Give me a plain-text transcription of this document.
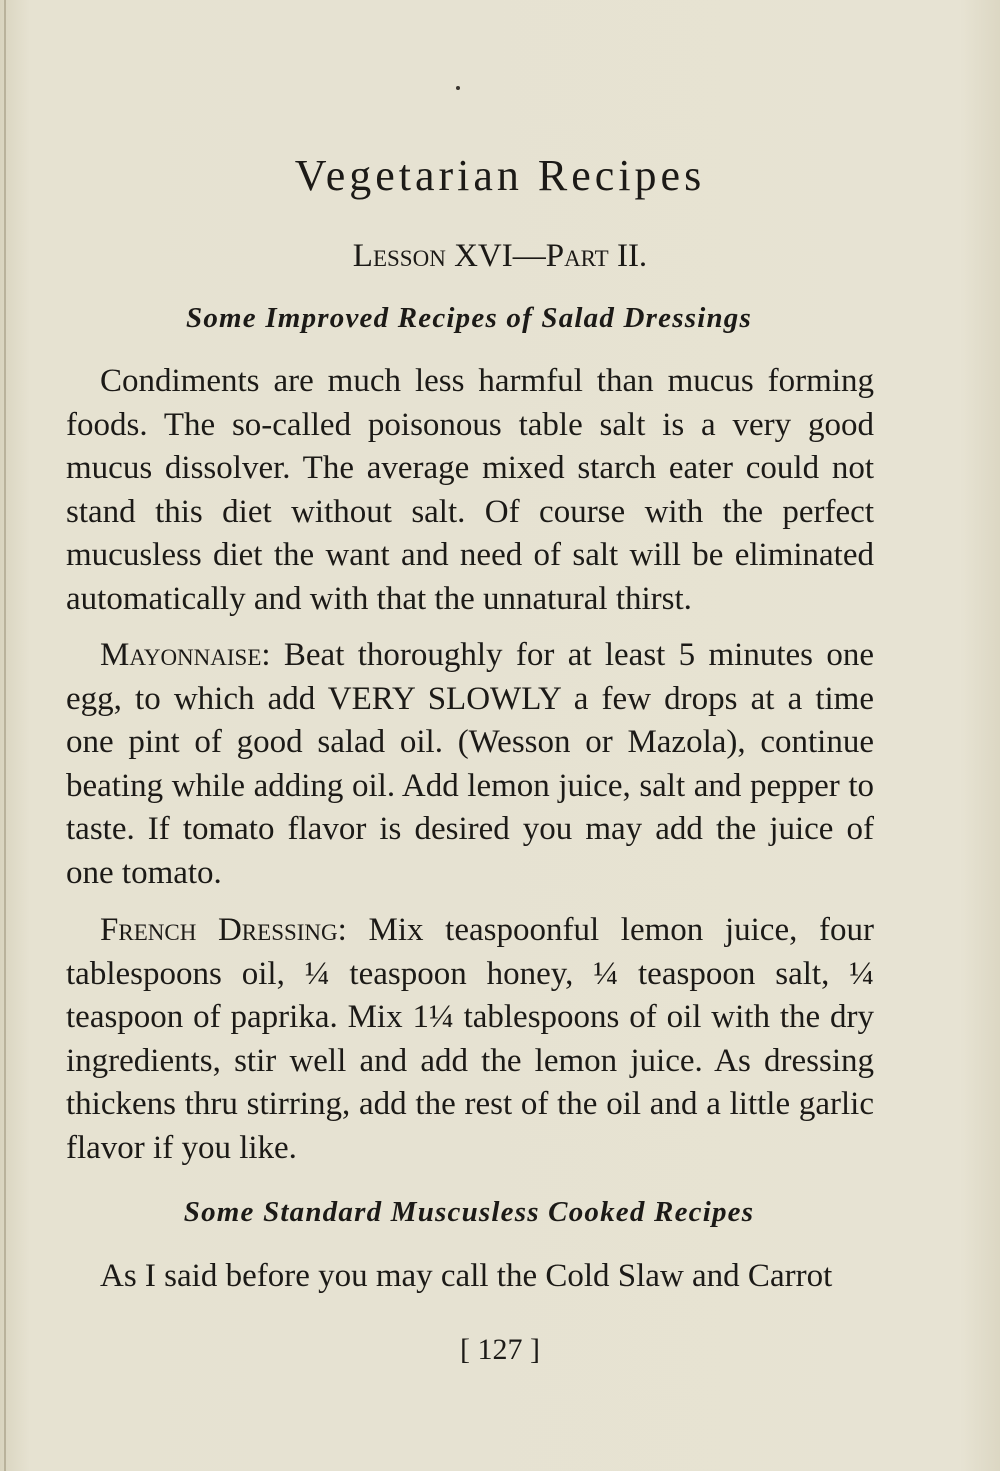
Vegetarian Recipes
Lesson XVI—Part II.
Some Improved Recipes of Salad Dressings

Condiments are much less harmful than mucus forming foods. The so-called poisonous table salt is a very good mucus dissolver. The average mixed starch eater could not stand this diet without salt. Of course with the perfect mucusless diet the want and need of salt will be eliminated automatically and with that the unnatural thirst.

Mayonnaise: Beat thoroughly for at least 5 minutes one egg, to which add VERY SLOWLY a few drops at a time one pint of good salad oil. (Wesson or Mazola), continue beating while adding oil. Add lemon juice, salt and pepper to taste. If tomato flavor is desired you may add the juice of one tomato.

French Dressing: Mix teaspoonful lemon juice, four tablespoons oil, ¼ teaspoon honey, ¼ teaspoon salt, ¼ teaspoon of paprika. Mix 1¼ tablespoons of oil with the dry ingredients, stir well and add the lemon juice. As dressing thickens thru stirring, add the rest of the oil and a little garlic flavor if you like.

Some Standard Muscusless Cooked Recipes

As I said before you may call the Cold Slaw and Carrot

[ 127 ]
